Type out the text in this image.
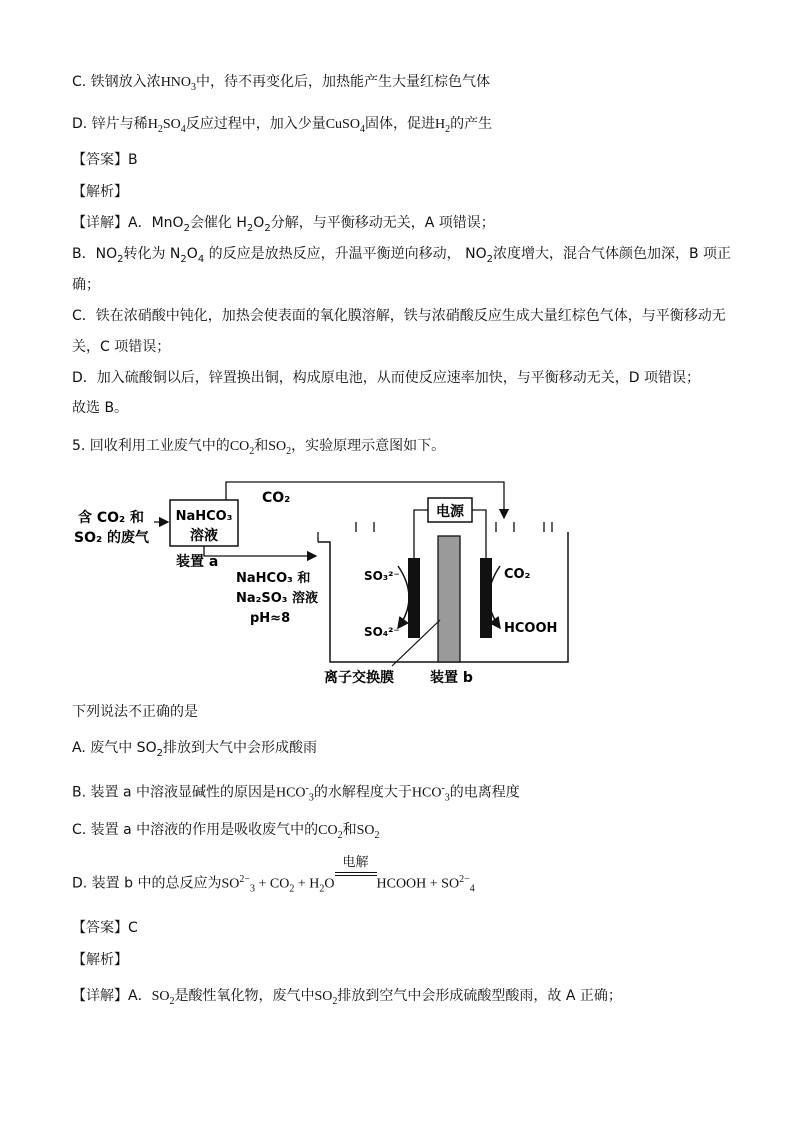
C. 铁钢放入浓$HNO_3$中，待不再变化后，加热能产生大量红棕色气体
D. 锌片与稀$H_2SO_4$反应过程中，加入少量CuSO$_4$固体，促进$H_2$的产生
【答案】B
【解析】
【详解】A．MnO$_2$会催化 $H_2O_2$分解，与平衡移动无关，A 项错误；
B．$NO_2$转化为 $N_2O_4$ 的反应是放热反应，升温平衡逆向移动， $NO_2$浓度增大，混合气体颜色加深，B 项正
确；
C．铁在浓硝酸中钝化，加热会使表面的氧化膜溶解，铁与浓硝酸反应生成大量红棕色气体，与平衡移动无
关，C 项错误；
D．加入硫酸铜以后，锌置换出铜，构成原电池，从而使反应速率加快，与平衡移动无关，D 项错误；
故选 B。
5. 回收利用工业废气中的$CO_2$和$SO_2$，实验原理示意图如下。
含 CO₂ 和
SO₂ 的废气
NaHCO₃
溶液
装置 a
CO₂
NaHCO₃ 和
Na₂SO₃ 溶液
pH≈8
电源
SO₃²⁻
SO₄²⁻
CO₂
HCOOH
离子交换膜	装置 b
下列说法不正确的是
A. 废气中 $SO_2$排放到大气中会形成酸雨
B. 装置 a 中溶液显碱性的原因是$HCO^-_3$的水解程度大于$HCO^-_3$的电离程度
C. 装置 a 中溶液的作用是吸收废气中的$CO_2$和$SO_2$
D. 装置 b 中的总反应为$SO^{2-}_3 + CO_2 + H_2O$
电解
HCOOH + $SO^{2-}_4$
【答案】C
【解析】
【详解】A．$SO_2$是酸性氧化物，废气中$SO_2$排放到空气中会形成硫酸型酸雨，故 A 正确；
